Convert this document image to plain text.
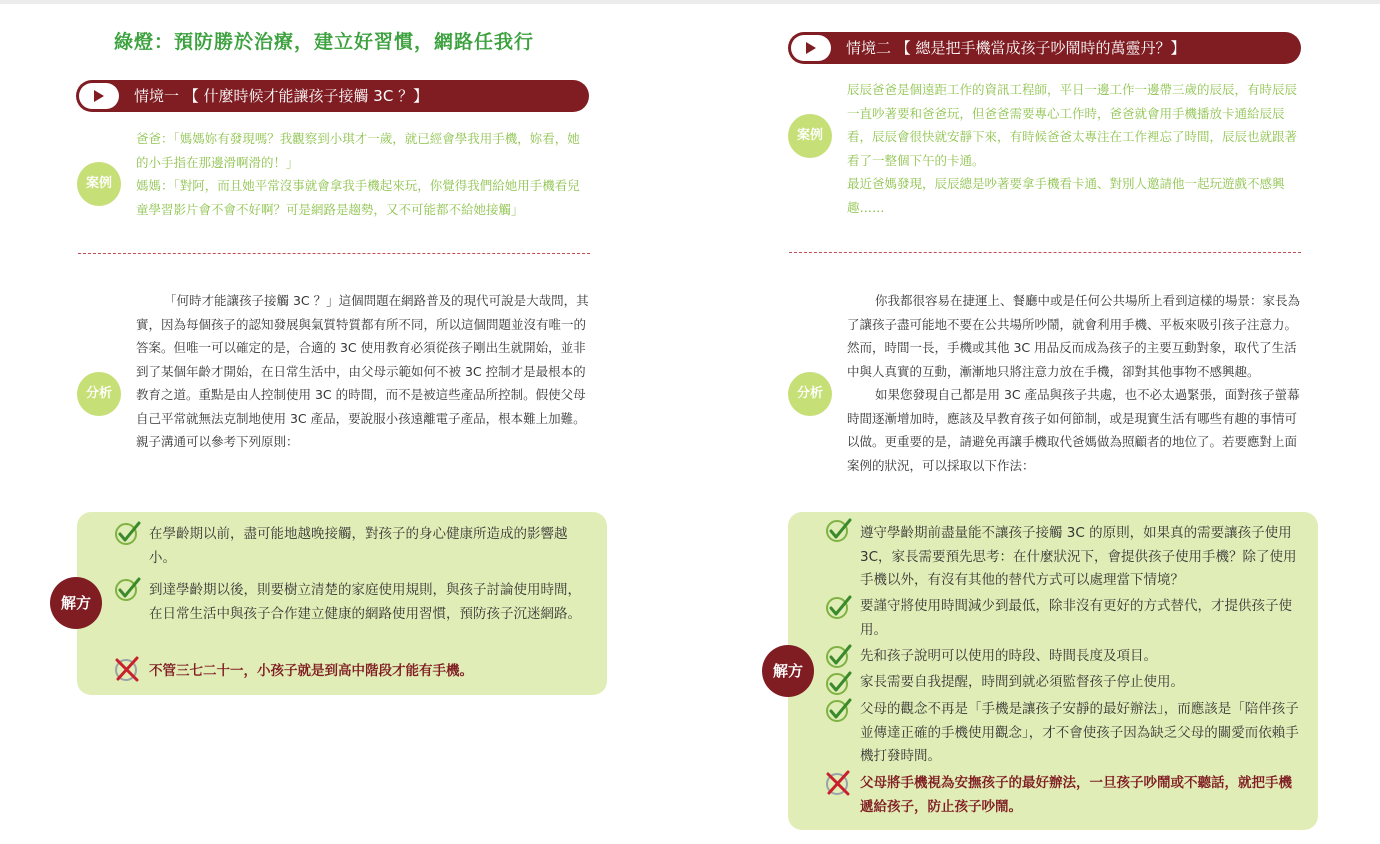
綠燈：預防勝於治療，建立好習慣，網路任我行
情境一 【 什麼時候才能讓孩子接觸 3C ？】
案例

爸爸：「媽媽妳有發現嗎？我觀察到小琪才一歲，就已經會學我用手機，妳看，她的小手指在那邊滑啊滑的！」

媽媽：「對阿，而且她平常沒事就會拿我手機起來玩，你覺得我們給她用手機看兒童學習影片會不會不好啊？可是網路是趨勢，又不可能都不給她接觸」

分析

「何時才能讓孩子接觸 3C ？」這個問題在網路普及的現代可說是大哉問，其實，因為每個孩子的認知發展與氣質特質都有所不同，所以這個問題並沒有唯一的答案。但唯一可以確定的是，合適的 3C 使用教育必須從孩子剛出生就開始，並非到了某個年齡才開始，在日常生活中，由父母示範如何不被 3C 控制才是最根本的教育之道。重點是由人控制使用 3C 的時間，而不是被這些產品所控制。假使父母自己平常就無法克制地使用 3C 產品，要說服小孩遠離電子產品，根本難上加難。親子溝通可以參考下列原則：

解方
在學齡期以前，盡可能地越晚接觸，對孩子的身心健康所造成的影響越小。
到達學齡期以後，則要樹立清楚的家庭使用規則，與孩子討論使用時間，在日常生活中與孩子合作建立健康的網路使用習慣，預防孩子沉迷網路。
不管三七二十一，小孩子就是到高中階段才能有手機。
情境二 【 總是把手機當成孩子吵鬧時的萬靈丹？】
案例

辰辰爸爸是個遠距工作的資訊工程師，平日一邊工作一邊帶三歲的辰辰，有時辰辰一直吵著要和爸爸玩，但爸爸需要專心工作時，爸爸就會用手機播放卡通給辰辰看，辰辰會很快就安靜下來，有時候爸爸太專注在工作裡忘了時間，辰辰也就跟著看了一整個下午的卡通。

最近爸媽發現，辰辰總是吵著要拿手機看卡通、對別人邀請他一起玩遊戲不感興趣……

分析

你我都很容易在捷運上、餐廳中或是任何公共場所上看到這樣的場景：家長為了讓孩子盡可能地不要在公共場所吵鬧，就會利用手機、平板來吸引孩子注意力。然而，時間一長，手機或其他 3C 用品反而成為孩子的主要互動對象，取代了生活中與人真實的互動，漸漸地只將注意力放在手機，卻對其他事物不感興趣。

如果您發現自己都是用 3C 產品與孩子共處，也不必太過緊張，面對孩子螢幕時間逐漸增加時，應該及早教育孩子如何節制，或是現實生活有哪些有趣的事情可以做。更重要的是，請避免再讓手機取代爸媽做為照顧者的地位了。若要應對上面案例的狀況，可以採取以下作法：

解方
遵守學齡期前盡量能不讓孩子接觸 3C 的原則，如果真的需要讓孩子使用 3C，家長需要預先思考：在什麼狀況下，會提供孩子使用手機？除了使用手機以外，有沒有其他的替代方式可以處理當下情境？
要謹守將使用時間減少到最低，除非沒有更好的方式替代，才提供孩子使用。
先和孩子說明可以使用的時段、時間長度及項目。
家長需要自我提醒，時間到就必須監督孩子停止使用。
父母的觀念不再是「手機是讓孩子安靜的最好辦法」，而應該是「陪伴孩子並傳達正確的手機使用觀念」，才不會使孩子因為缺乏父母的關愛而依賴手機打發時間。
父母將手機視為安撫孩子的最好辦法，一旦孩子吵鬧或不聽話，就把手機遞給孩子，防止孩子吵鬧。
